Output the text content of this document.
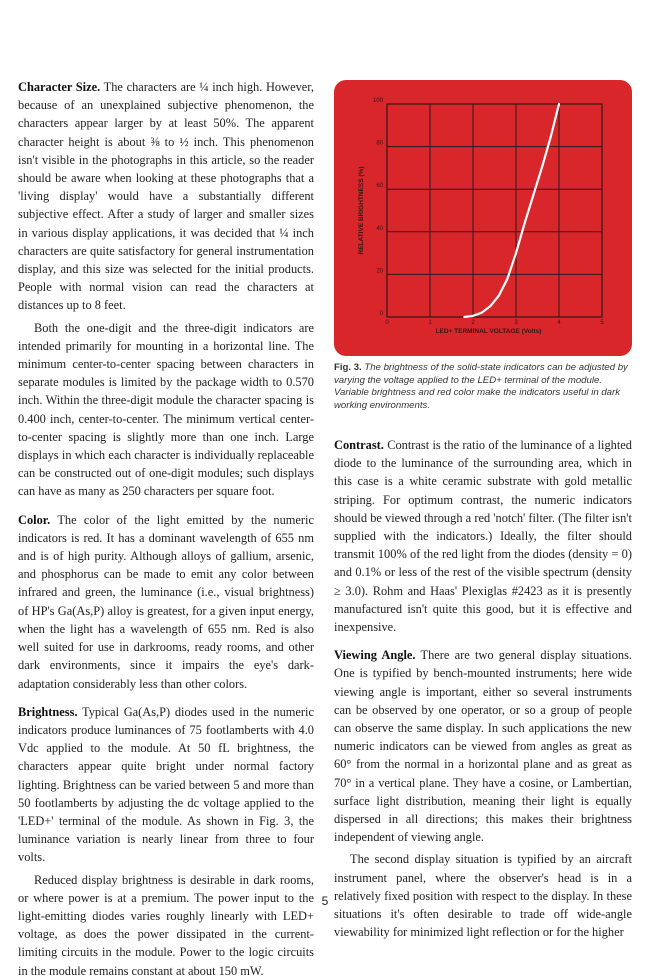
Character Size. The characters are ¼ inch high. However, because of an unexplained subjective phenomenon, the characters appear larger by at least 50%. The apparent character height is about ⅜ to ½ inch. This phenomenon isn't visible in the photographs in this article, so the reader should be aware when looking at these photographs that a 'living display' would have a substantially different subjective effect. After a study of larger and smaller sizes in various display applications, it was decided that ¼ inch characters are quite satisfactory for general instrumentation display, and this size was selected for the initial products. People with normal vision can read the characters at distances up to 8 feet.

Both the one-digit and the three-digit indicators are intended primarily for mounting in a horizontal line. The minimum center-to-center spacing between characters in separate modules is limited by the package width to 0.570 inch. Within the three-digit module the character spacing is 0.400 inch, center-to-center. The minimum vertical center-to-center spacing is slightly more than one inch. Large displays in which each character is individually replaceable can be constructed out of one-digit modules; such displays can have as many as 250 characters per square foot.

Color. The color of the light emitted by the numeric indicators is red. It has a dominant wavelength of 655 nm and is of high purity. Although alloys of gallium, arsenic, and phosphorus can be made to emit any color between infrared and green, the luminance (i.e., visual brightness) of HP's Ga(As,P) alloy is greatest, for a given input energy, when the light has a wavelength of 655 nm. Red is also well suited for use in darkrooms, ready rooms, and other dark environments, since it impairs the eye's dark-adaptation considerably less than other colors.

Brightness. Typical Ga(As,P) diodes used in the numeric indicators produce luminances of 75 footlamberts with 4.0 Vdc applied to the module. At 50 fL brightness, the characters appear quite bright under normal factory lighting. Brightness can be varied between 5 and more than 50 footlamberts by adjusting the dc voltage applied to the 'LED+' terminal of the module. As shown in Fig. 3, the luminance variation is nearly linear from three to four volts.

Reduced display brightness is desirable in dark rooms, or where power is at a premium. The power input to the light-emitting diodes varies roughly linearly with LED+ voltage, as does the power dissipated in the current-limiting circuits in the module. Power to the logic circuits in the module remains constant at about 150 mW.

0	1	2	3	4	5
0
20
40
60
80
100
LED+ TERMINAL VOLTAGE (Volts)
RELATIVE BRIGHTNESS (%)
Fig. 3. The brightness of the solid-state indicators can be adjusted by varying the voltage applied to the LED+ terminal of the module. Variable brightness and red color make the indicators useful in dark working environments.

Contrast. Contrast is the ratio of the luminance of a lighted diode to the luminance of the surrounding area, which in this case is a white ceramic substrate with gold metallic striping. For optimum contrast, the numeric indicators should be viewed through a red 'notch' filter. (The filter isn't supplied with the indicators.) Ideally, the filter should transmit 100% of the red light from the diodes (density = 0) and 0.1% or less of the rest of the visible spectrum (density ≥ 3.0). Rohm and Haas' Plexiglas #2423 as it is presently manufactured isn't quite this good, but it is effective and inexpensive.

Viewing Angle. There are two general display situations. One is typified by bench-mounted instruments; here wide viewing angle is important, either so several instruments can be observed by one operator, or so a group of people can observe the same display. In such applications the new numeric indicators can be viewed from angles as great as 60° from the normal in a horizontal plane and as great as 70° in a vertical plane. They have a cosine, or Lambertian, surface light distribution, meaning their light is equally dispersed in all directions; this makes their brightness independent of viewing angle.

The second display situation is typified by an aircraft instrument panel, where the observer's head is in a relatively fixed position with respect to the display. In these situations it's often desirable to trade off wide-angle viewability for minimized light reflection or for the higher

5
